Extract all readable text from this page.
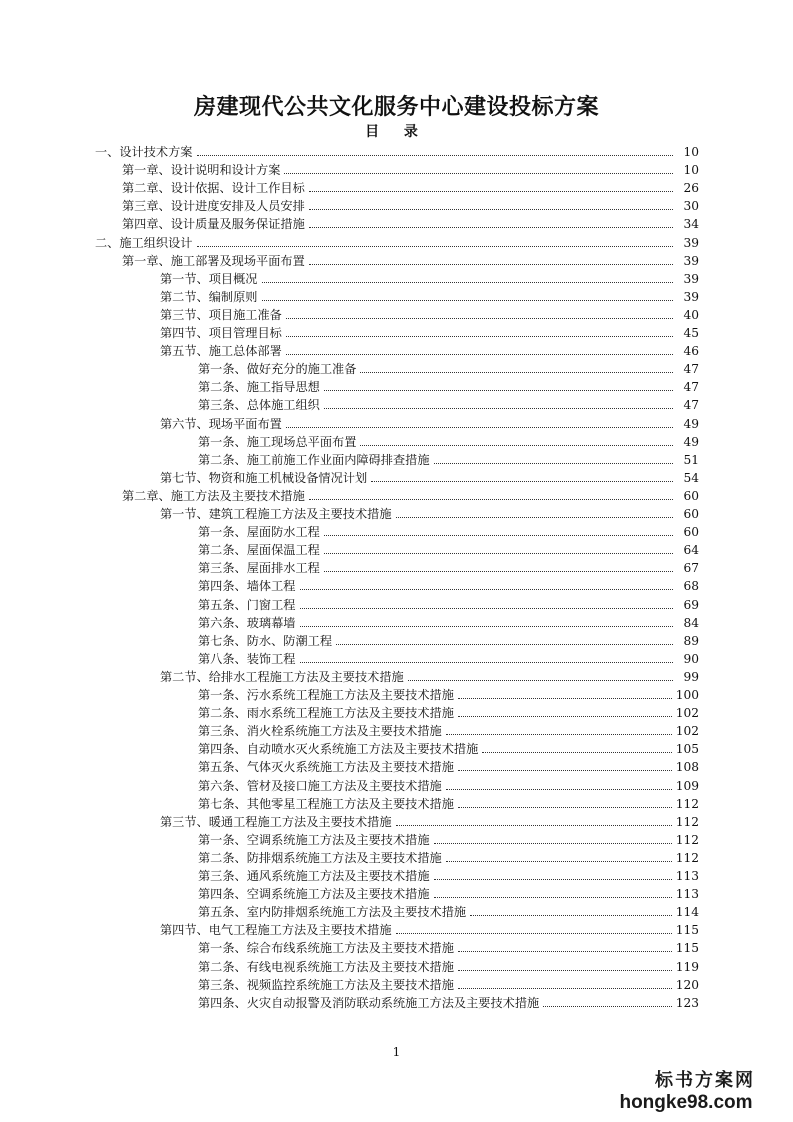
房建现代公共文化服务中心建设投标方案
目 录
一、设计技术方案	10
第一章、设计说明和设计方案	10
第二章、设计依据、设计工作目标	26
第三章、设计进度安排及人员安排	30
第四章、设计质量及服务保证措施	34
二、施工组织设计	39
第一章、施工部署及现场平面布置	39
第一节、项目概况	39
第二节、编制原则	39
第三节、项目施工准备	40
第四节、项目管理目标	45
第五节、施工总体部署	46
第一条、做好充分的施工准备	47
第二条、施工指导思想	47
第三条、总体施工组织	47
第六节、现场平面布置	49
第一条、施工现场总平面布置	49
第二条、施工前施工作业面内障碍排查措施	51
第七节、物资和施工机械设备情况计划	54
第二章、施工方法及主要技术措施	60
第一节、建筑工程施工方法及主要技术措施	60
第一条、屋面防水工程	60
第二条、屋面保温工程	64
第三条、屋面排水工程	67
第四条、墙体工程	68
第五条、门窗工程	69
第六条、玻璃幕墙	84
第七条、防水、防潮工程	89
第八条、装饰工程	90
第二节、给排水工程施工方法及主要技术措施	99
第一条、污水系统工程施工方法及主要技术措施	100
第二条、雨水系统工程施工方法及主要技术措施	102
第三条、消火栓系统施工方法及主要技术措施	102
第四条、自动喷水灭火系统施工方法及主要技术措施	105
第五条、气体灭火系统施工方法及主要技术措施	108
第六条、管材及接口施工方法及主要技术措施	109
第七条、其他零星工程施工方法及主要技术措施	112
第三节、暖通工程施工方法及主要技术措施	112
第一条、空调系统施工方法及主要技术措施	112
第二条、防排烟系统施工方法及主要技术措施	112
第三条、通风系统施工方法及主要技术措施	113
第四条、空调系统施工方法及主要技术措施	113
第五条、室内防排烟系统施工方法及主要技术措施	114
第四节、电气工程施工方法及主要技术措施	115
第一条、综合布线系统施工方法及主要技术措施	115
第二条、有线电视系统施工方法及主要技术措施	119
第三条、视频监控系统施工方法及主要技术措施	120
第四条、火灾自动报警及消防联动系统施工方法及主要技术措施	123
1
标书方案网
hongke98.com
